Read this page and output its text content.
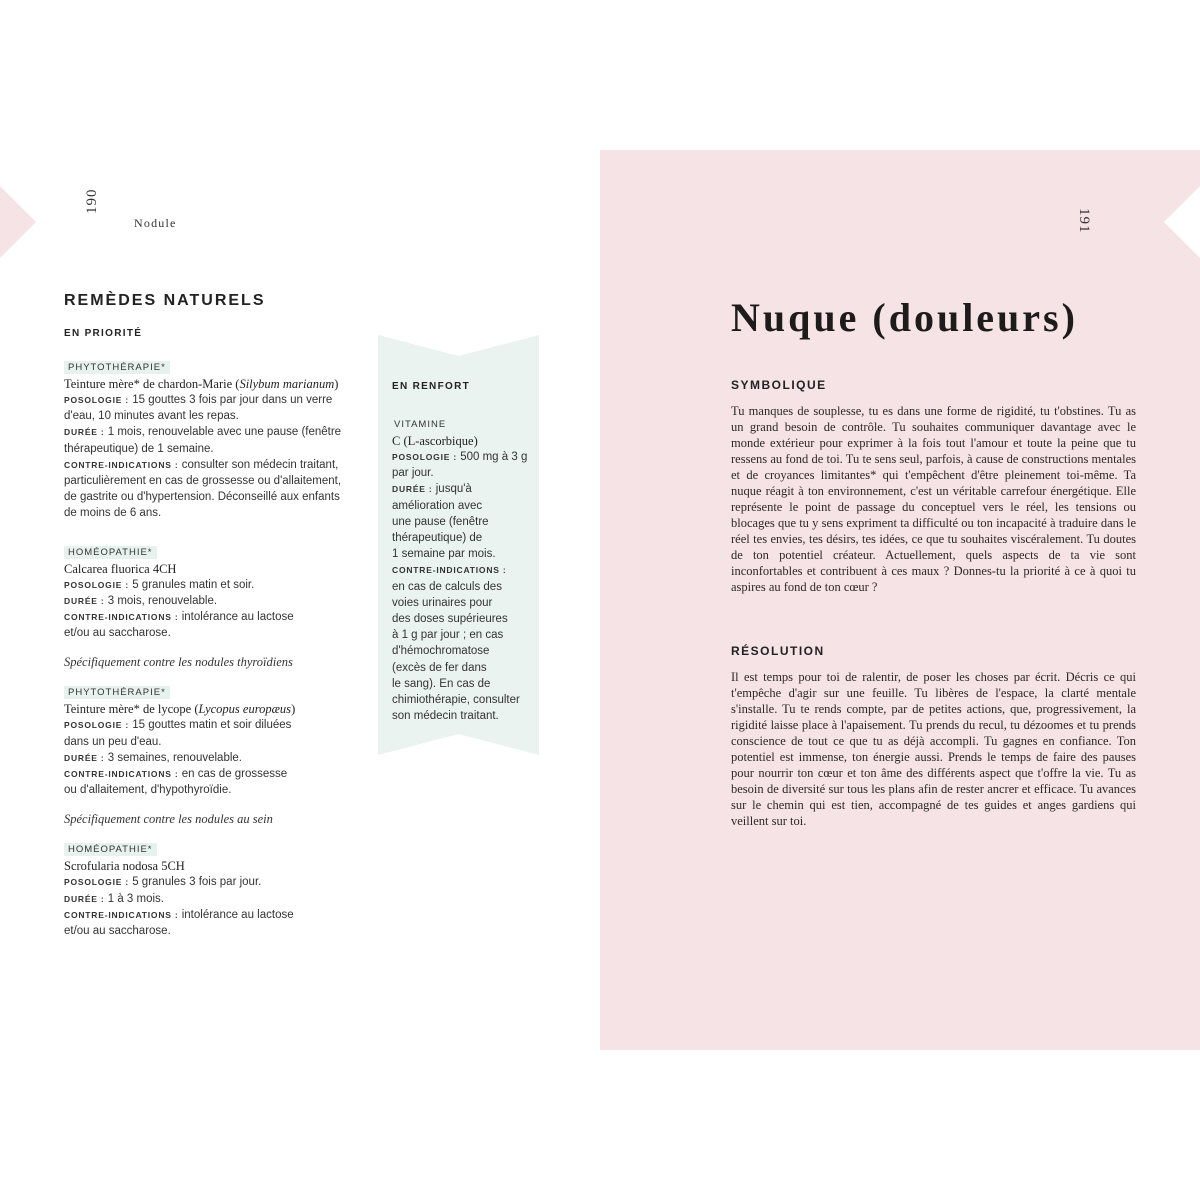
190
Nodule
REMÈDES NATURELS
EN PRIORITÉ
PHYTOTHÉRAPIE*

Teinture mère* de chardon-Marie (Silybum marianum)

POSOLOGIE : 15 gouttes 3 fois par jour dans un verre

d'eau, 10 minutes avant les repas.

DURÉE : 1 mois, renouvelable avec une pause (fenêtre

thérapeutique) de 1 semaine.

CONTRE-INDICATIONS : consulter son médecin traitant,

particulièrement en cas de grossesse ou d'allaitement,

de gastrite ou d'hypertension. Déconseillé aux enfants

de moins de 6 ans.

HOMÉOPATHIE*

Calcarea fluorica 4CH

POSOLOGIE : 5 granules matin et soir.

DURÉE : 3 mois, renouvelable.

CONTRE-INDICATIONS : intolérance au lactose

et/ou au saccharose.

Spécifiquement contre les nodules thyroïdiens

PHYTOTHÉRAPIE*

Teinture mère* de lycope (Lycopus europæus)

POSOLOGIE : 15 gouttes matin et soir diluées

dans un peu d'eau.

DURÉE : 3 semaines, renouvelable.

CONTRE-INDICATIONS : en cas de grossesse

ou d'allaitement, d'hypothyroïdie.

Spécifiquement contre les nodules au sein

HOMÉOPATHIE*

Scrofularia nodosa 5CH

POSOLOGIE : 5 granules 3 fois par jour.

DURÉE : 1 à 3 mois.

CONTRE-INDICATIONS : intolérance au lactose

et/ou au saccharose.

EN RENFORT
VITAMINE

C (L-ascorbique)

POSOLOGIE : 500 mg à 3 g

par jour.

DURÉE : jusqu'à

amélioration avec

une pause (fenêtre

thérapeutique) de

1 semaine par mois.

CONTRE-INDICATIONS :

en cas de calculs des

voies urinaires pour

des doses supérieures

à 1 g par jour ; en cas

d'hémochromatose

(excès de fer dans

le sang). En cas de

chimiothérapie, consulter

son médecin traitant.

191
Nuque (douleurs)
SYMBOLIQUE

Tu manques de souplesse, tu es dans une forme de rigidité, tu t'obstines. Tu as un grand besoin de contrôle. Tu souhaites communiquer davantage avec le monde extérieur pour exprimer à la fois tout l'amour et toute la peine que tu ressens au fond de toi. Tu te sens seul, parfois, à cause de constructions mentales et de croyances limitantes* qui t'empêchent d'être pleinement toi-même. Ta nuque réagit à ton environnement, c'est un véritable carrefour énergétique. Elle représente le point de passage du conceptuel vers le réel, les tensions ou blocages que tu y sens expriment ta difficulté ou ton incapacité à traduire dans le réel tes envies, tes désirs, tes idées, ce que tu souhaites viscéralement. Tu doutes de ton potentiel créateur. Actuellement, quels aspects de ta vie sont inconfortables et contribuent à ces maux ? Donnes-tu la priorité à ce à quoi tu aspires au fond de ton cœur ?

RÉSOLUTION

Il est temps pour toi de ralentir, de poser les choses par écrit. Décris ce qui t'empêche d'agir sur une feuille. Tu libères de l'espace, la clarté mentale s'installe. Tu te rends compte, par de petites actions, que, progressivement, la rigidité laisse place à l'apaisement. Tu prends du recul, tu dézoomes et tu prends conscience de tout ce que tu as déjà accompli. Tu gagnes en confiance. Ton potentiel est immense, ton énergie aussi. Prends le temps de faire des pauses pour nourrir ton cœur et ton âme des différents aspect que t'offre la vie. Tu as besoin de diversité sur tous les plans afin de rester ancrer et efficace. Tu avances sur le chemin qui est tien, accompagné de tes guides et anges gardiens qui veillent sur toi.
